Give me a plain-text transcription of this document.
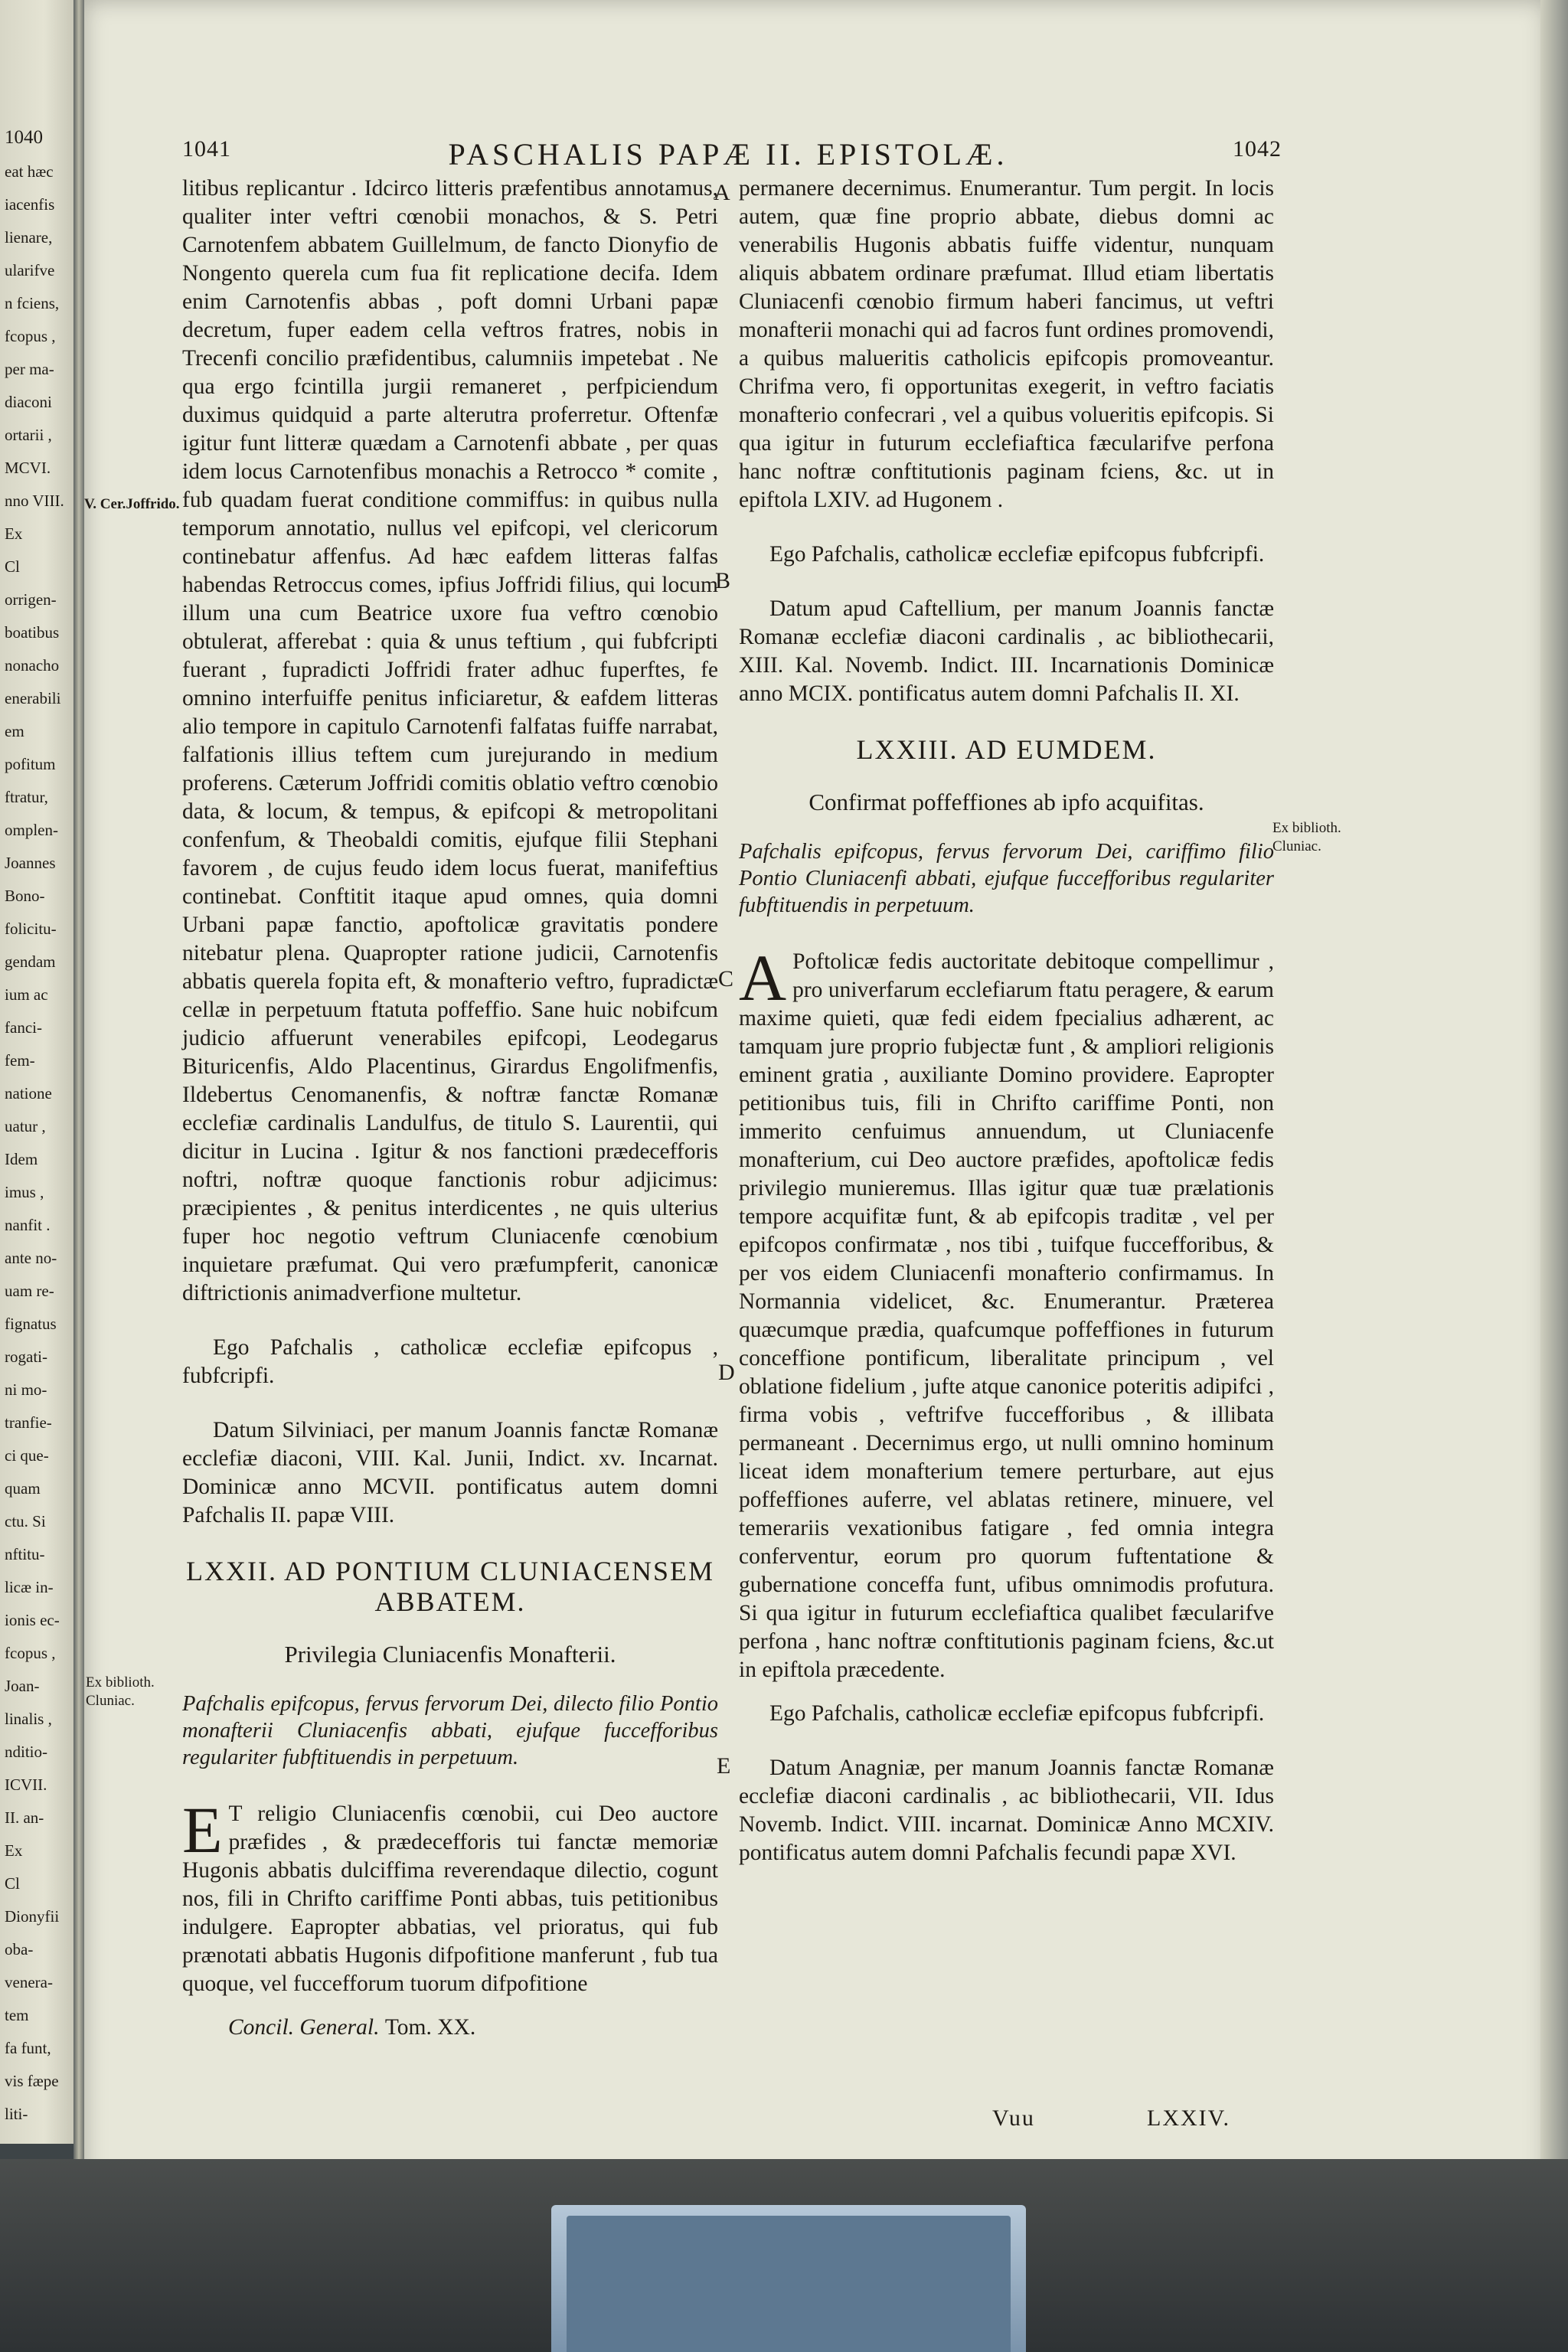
1040
eat hæc
iacenfis
lienare,
ularifve
n fciens,
fcopus ,
per ma-
diaconi
ortarii ,
MCVI.
nno VIII.
Ex
Cl
orrigen-
boatibus
nonacho
enerabili
em
pofitum
ftratur,
omplen-
Joannes
Bono-
folicitu-
gendam
ium ac
fanci-
fem-
natione
uatur ,
Idem
imus ,
nanfit .
ante no-
uam re-
fignatus
rogati-
ni mo-
tranfie-
ci que-
quam
ctu. Si
nftitu-
licæ in-
ionis ec-
fcopus ,
Joan-
linalis ,
nditio-
ICVII.
II. an-
Ex
Cl
Dionyfii
oba-
venera-
tem
fa funt,
vis fæpe
liti-
1041	PASCHALIS PAPÆ II. EPISTOLÆ.	1042
A
B
C
D
E
V. Cer.Joffrido.
Ex biblioth. Cluniac.
Ex biblioth. Cluniac.

litibus replicantur . Idcirco litteris præfentibus annotamus, qualiter inter veftri cœnobii monachos, & S. Petri Carnotenfem abbatem Guillelmum, de fancto Dionyfio de Nongento querela cum fua fit replicatione decifa. Idem enim Carnotenfis abbas , poft domni Urbani papæ decretum, fuper eadem cella veftros fratres, nobis in Trecenfi concilio præfidentibus, calumniis impetebat . Ne qua ergo fcintilla jurgii remaneret , perfpiciendum duximus quidquid a parte alterutra proferretur. Oftenfæ igitur funt litteræ quædam a Carnotenfi abbate , per quas idem locus Carnotenfibus monachis a Retrocco * comite , fub quadam fuerat conditione commiffus: in quibus nulla temporum annotatio, nullus vel epifcopi, vel clericorum continebatur affenfus. Ad hæc eafdem litteras falfas habendas Retroccus comes, ipfius Joffridi filius, qui locum illum una cum Beatrice uxore fua veftro cœnobio obtulerat, afferebat : quia & unus teftium , qui fubfcripti fuerant , fupradicti Joffridi frater adhuc fuperftes, fe omnino interfuiffe penitus inficiaretur, & eafdem litteras alio tempore in capitulo Carnotenfi falfatas fuiffe narrabat, falfationis illius teftem cum jurejurando in medium proferens. Cæterum Joffridi comitis oblatio veftro cœnobio data, & locum, & tempus, & epifcopi & metropolitani confenfum, & Theobaldi comitis, ejufque filii Stephani favorem , de cujus feudo idem locus fuerat, manifeftius continebat. Conftitit itaque apud omnes, quia domni Urbani papæ fanctio, apoftolicæ gravitatis pondere nitebatur plena. Quapropter ratione judicii, Carnotenfis abbatis querela fopita eft, & monafterio veftro, fupradictæ cellæ in perpetuum ftatuta poffeffio. Sane huic nobifcum judicio affuerunt venerabiles epifcopi, Leodegarus Bituricenfis, Aldo Placentinus, Girardus Engolifmenfis, Ildebertus Cenomanenfis, & noftræ fanctæ Romanæ ecclefiæ cardinalis Landulfus, de titulo S. Laurentii, qui dicitur in Lucina . Igitur & nos fanctioni prædecefforis noftri, noftræ quoque fanctionis robur adjicimus: præcipientes , & penitus interdicentes , ne quis ulterius fuper hoc negotio veftrum Cluniacenfe cœnobium inquietare præfumat. Qui vero præfumpferit, canonicæ diftrictionis animadverfione multetur.

Ego Pafchalis , catholicæ ecclefiæ epifcopus , fubfcripfi.

Datum Silviniaci, per manum Joannis fanctæ Romanæ ecclefiæ diaconi, VIII. Kal. Junii, Indict. xv. Incarnat. Dominicæ anno MCVII. pontificatus autem domni Pafchalis II. papæ VIII.

LXXII. AD PONTIUM CLUNIACENSEM ABBATEM.
Privilegia Cluniacenfis Monafterii.

Pafchalis epifcopus, fervus fervorum Dei, dilecto filio Pontio monafterii Cluniacenfis abbati, ejufque fuccefforibus regulariter fubftituendis in perpetuum.

E T religio Cluniacenfis cœnobii, cui Deo auctore præfides , & prædecefforis tui fanctæ memoriæ Hugonis abbatis dulciffima reverendaque dilectio, cogunt nos, fili in Chrifto cariffime Ponti abbas, tuis petitionibus indulgere. Eapropter abbatias, vel prioratus, qui fub prænotati abbatis Hugonis difpofitione manferunt , fub tua quoque, vel fuccefforum tuorum difpofitione

Concil. General. Tom. XX.

permanere decernimus. Enumerantur. Tum pergit. In locis autem, quæ fine proprio abbate, diebus domni ac venerabilis Hugonis abbatis fuiffe videntur, nunquam aliquis abbatem ordinare præfumat. Illud etiam libertatis Cluniacenfi cœnobio firmum haberi fancimus, ut veftri monafterii monachi qui ad facros funt ordines promovendi, a quibus malueritis catholicis epifcopis promoveantur. Chrifma vero, fi opportunitas exegerit, in veftro faciatis monafterio confecrari , vel a quibus volueritis epifcopis. Si qua igitur in futurum ecclefiaftica fæcularifve perfona hanc noftræ conftitutionis paginam fciens, &c. ut in epiftola LXIV. ad Hugonem .

Ego Pafchalis, catholicæ ecclefiæ epifcopus fubfcripfi.

Datum apud Caftellium, per manum Joannis fanctæ Romanæ ecclefiæ diaconi cardinalis , ac bibliothecarii, XIII. Kal. Novemb. Indict. III. Incarnationis Dominicæ anno MCIX. pontificatus autem domni Pafchalis II. XI.

LXXIII. AD EUMDEM.
Confirmat poffeffiones ab ipfo acquifitas.

Pafchalis epifcopus, fervus fervorum Dei, cariffimo filio Pontio Cluniacenfi abbati, ejufque fuccefforibus regulariter fubftituendis in perpetuum.

A Poftolicæ fedis auctoritate debitoque compellimur , pro univerfarum ecclefiarum ftatu peragere, & earum maxime quieti, quæ fedi eidem fpecialius adhærent, ac tamquam jure proprio fubjectæ funt , & ampliori religionis eminent gratia , auxiliante Domino providere. Eapropter petitionibus tuis, fili in Chrifto cariffime Ponti, non immerito cenfuimus annuendum, ut Cluniacenfe monafterium, cui Deo auctore præfides, apoftolicæ fedis privilegio munieremus. Illas igitur quæ tuæ prælationis tempore acquifitæ funt, & ab epifcopis traditæ , vel per epifcopos confirmatæ , nos tibi , tuifque fuccefforibus, & per vos eidem Cluniacenfi monafterio confirmamus. In Normannia videlicet, &c. Enumerantur. Præterea quæcumque prædia, quafcumque poffeffiones in futurum conceffione pontificum, liberalitate principum , vel oblatione fidelium , jufte atque canonice poteritis adipifci , firma vobis , veftrifve fuccefforibus , & illibata permaneant . Decernimus ergo, ut nulli omnino hominum liceat idem monafterium temere perturbare, aut ejus poffeffiones auferre, vel ablatas retinere, minuere, vel temerariis vexationibus fatigare , fed omnia integra conferventur, eorum pro quorum fuftentatione & gubernatione conceffa funt, ufibus omnimodis profutura. Si qua igitur in futurum ecclefiaftica qualibet fæcularifve perfona , hanc noftræ conftitutionis paginam fciens, &c.ut in epiftola præcedente.

Ego Pafchalis, catholicæ ecclefiæ epifcopus fubfcripfi.

Datum Anagniæ, per manum Joannis fanctæ Romanæ ecclefiæ diaconi cardinalis , ac bibliothecarii, VII. Idus Novemb. Indict. VIII. incarnat. Dominicæ Anno MCXIV. pontificatus autem domni Pafchalis fecundi papæ XVI.

Vuu	LXXIV.
